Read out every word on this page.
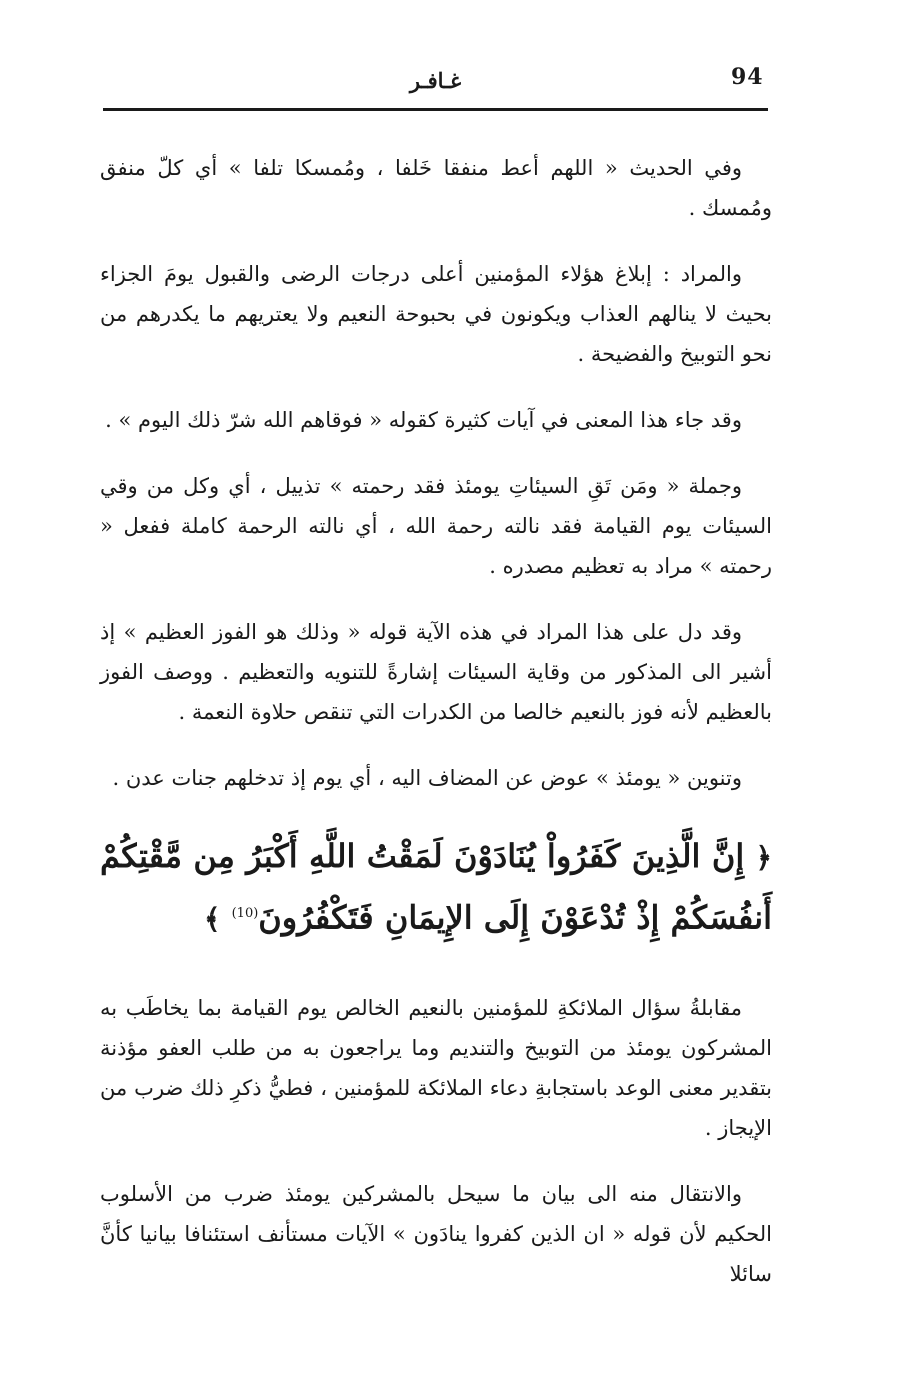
غـافـر	94

وفي الحديث « اللهم أعط منفقا خَلفا ، ومُمسكا تلفا » أي كلّ منفق ومُمسك .

والمراد : إبلاغ هؤلاء المؤمنين أعلى درجات الرضى والقبول يومَ الجزاء بحيث لا ينالهم العذاب ويكونون في بحبوحة النعيم ولا يعتريهم ما يكدرهم من نحو التوبيخ والفضيحة .

وقد جاء هذا المعنى في آيات كثيرة كقوله « فوقاهم الله شرّ ذلك اليوم » .

وجملة « ومَن تَقِ السيئاتِ يومئذ فقد رحمته » تذييل ، أي وكل من وقي السيئات يوم القيامة فقد نالته رحمة الله ، أي نالته الرحمة كاملة ففعل « رحمته » مراد به تعظيم مصدره .

وقد دل على هذا المراد في هذه الآية قوله « وذلك هو الفوز العظيم » إذ أشير الى المذكور من وقاية السيئات إشارةً للتنويه والتعظيم . ووصف الفوز بالعظيم لأنه فوز بالنعيم خالصا من الكدرات التي تنقص حلاوة النعمة .

وتنوين « يومئذ » عوض عن المضاف اليه ، أي يوم إذ تدخلهم جنات عدن .

﴿ إِنَّ الَّذِينَ كَفَرُواْ يُنَادَوْنَ لَمَقْتُ اللَّهِ أَكْبَرُ مِن مَّقْتِكُمْ أَنفُسَكُمْ إِذْ تُدْعَوْنَ إِلَى الإِيمَانِ فَتَكْفُرُونَ$^{(10)}$ ﴾

مقابلةُ سؤال الملائكةِ للمؤمنين بالنعيم الخالص يوم القيامة بما يخاطَب به المشركون يومئذ من التوبيخ والتنديم وما يراجعون به من طلب العفو مؤذنة بتقدير معنى الوعد باستجابةِ دعاء الملائكة للمؤمنين ، فطيُّ ذكرِ ذلك ضرب من الإيجاز .

والانتقال منه الى بيان ما سيحل بالمشركين يومئذ ضرب من الأسلوب الحكيم لأن قوله « ان الذين كفروا ينادَون » الآيات مستأنف استئنافا بيانيا كأنَّ سائلا
